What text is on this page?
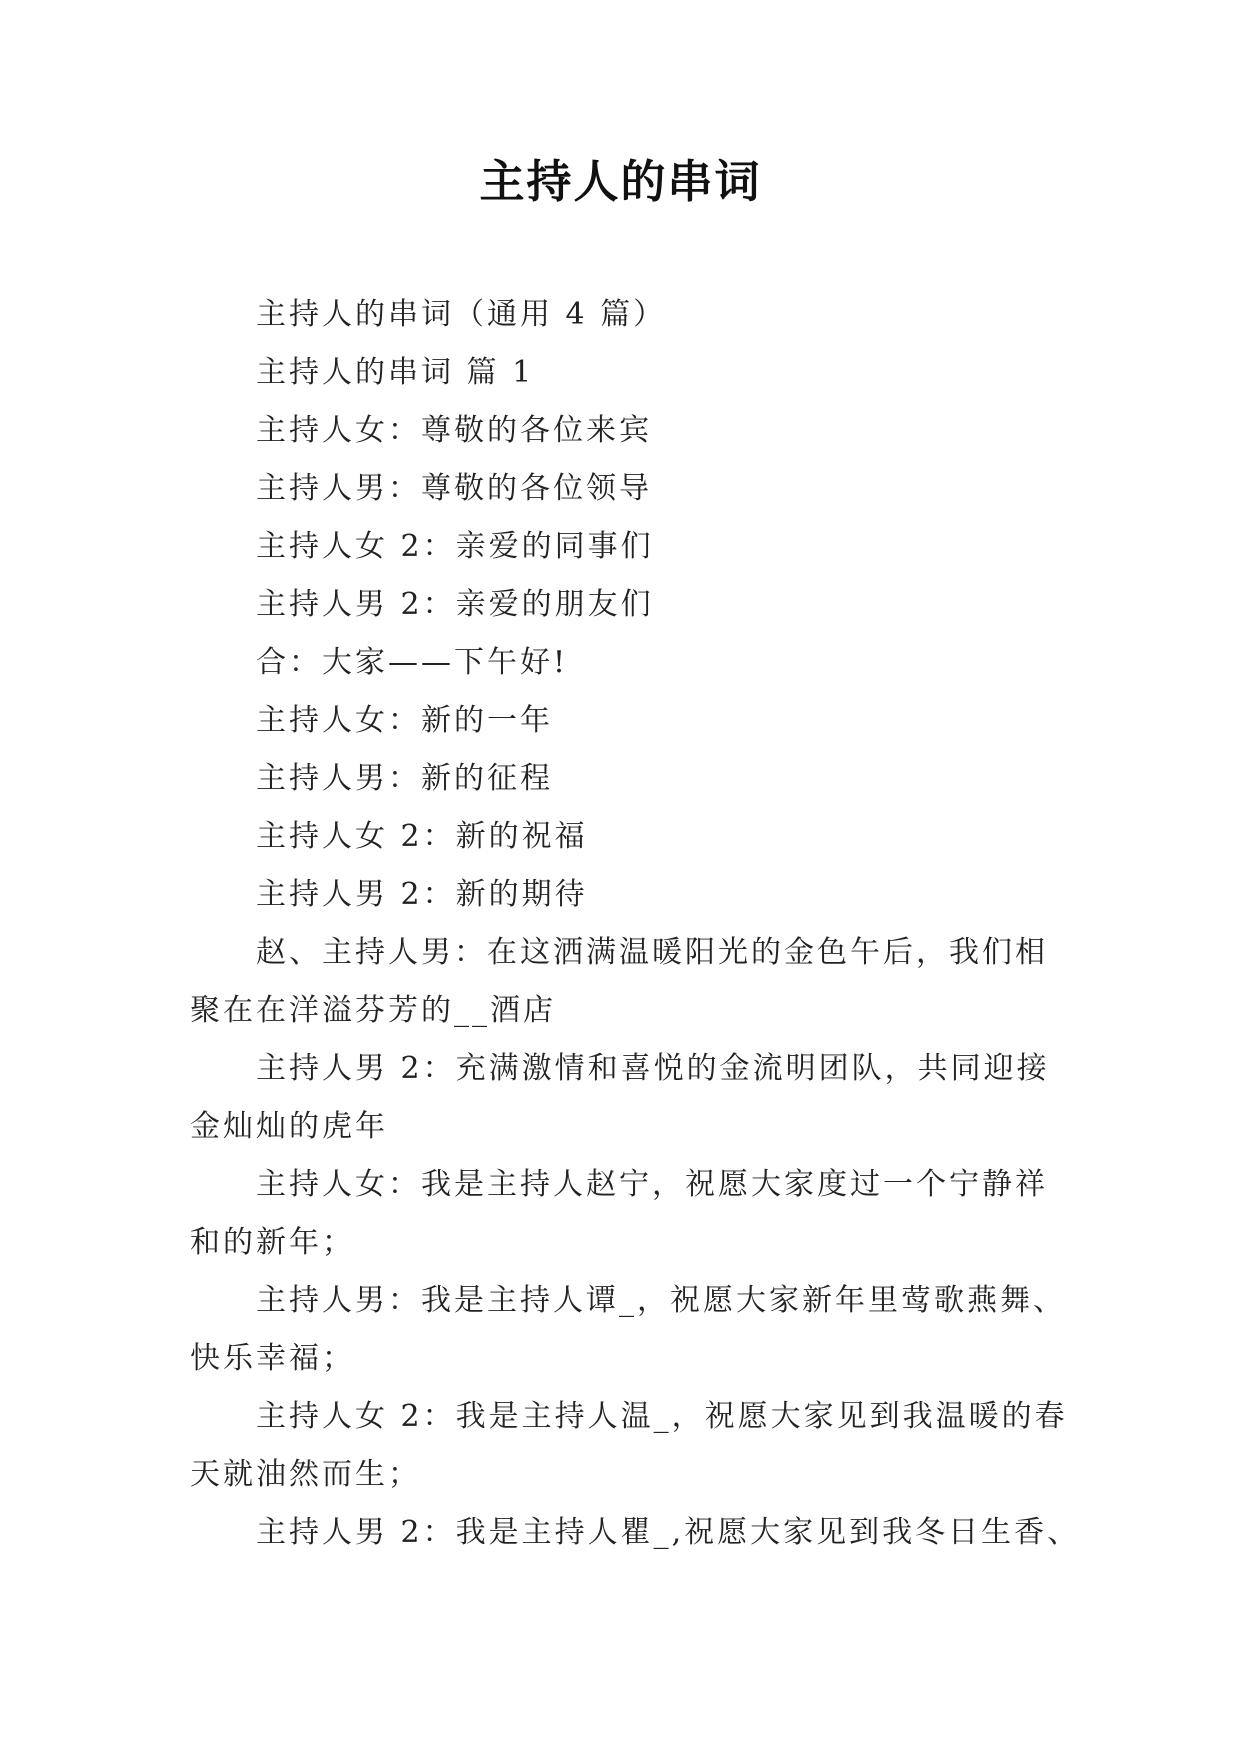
主持人的串词
主持人的串词（通用 4 篇）
主持人的串词 篇 1
主持人女：尊敬的各位来宾
主持人男：尊敬的各位领导
主持人女 2：亲爱的同事们
主持人男 2：亲爱的朋友们
合：大家——下午好!
主持人女：新的一年
主持人男：新的征程
主持人女 2：新的祝福
主持人男 2：新的期待
赵、主持人男：在这洒满温暖阳光的金色午后，我们相
聚在在洋溢芬芳的__酒店
主持人男 2：充满激情和喜悦的金流明团队，共同迎接
金灿灿的虎年
主持人女：我是主持人赵宁，祝愿大家度过一个宁静祥
和的新年；
主持人男：我是主持人谭_，祝愿大家新年里莺歌燕舞、
快乐幸福；
主持人女 2：我是主持人温_，祝愿大家见到我温暖的春
天就油然而生；
主持人男 2：我是主持人瞿_,祝愿大家见到我冬日生香、
